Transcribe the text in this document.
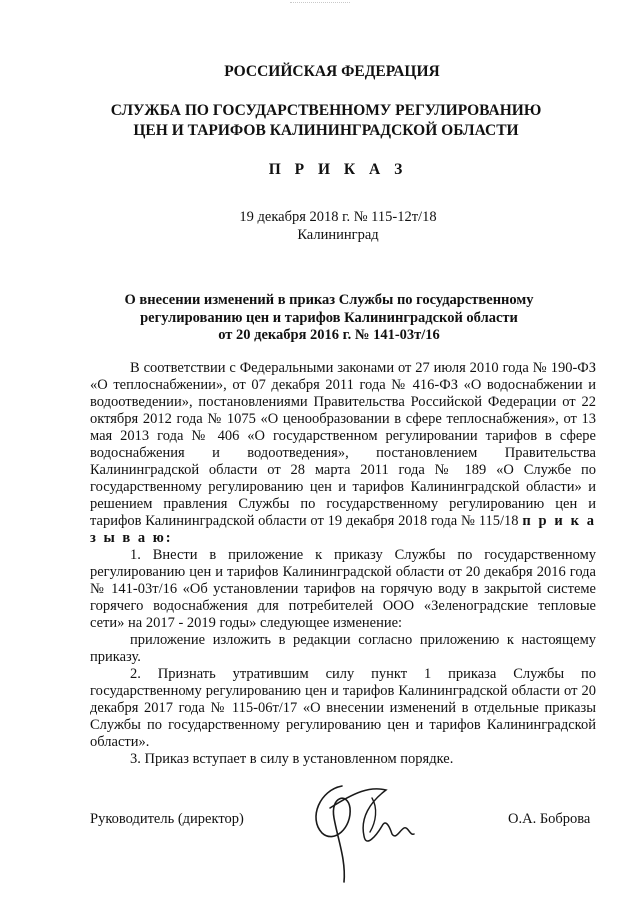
РОССИЙСКАЯ ФЕДЕРАЦИЯ
СЛУЖБА ПО ГОСУДАРСТВЕННОМУ РЕГУЛИРОВАНИЮ
ЦЕН И ТАРИФОВ КАЛИНИНГРАДСКОЙ ОБЛАСТИ
П Р И К А З
19 декабря 2018 г. № 115-12т/18
Калининград
О внесении изменений в приказ Службы по государственному
регулированию цен и тарифов Калининградской области
от 20 декабря 2016 г. № 141-03т/16

В соответствии с Федеральными законами от 27 июля 2010 года № 190-ФЗ «О теплоснабжении», от 07 декабря 2011 года № 416-ФЗ «О водоснабжении и водоотведении», постановлениями Правительства Российской Федерации от 22 октября 2012 года № 1075 «О ценообразовании в сфере теплоснабжения», от 13 мая 2013 года № 406 «О государственном регулировании тарифов в сфере водоснабжения и водоотведения», постановлением Правительства Калининградской области от 28 марта 2011 года № 189 «О Службе по государственному регулированию цен и тарифов Калининградской области» и решением правления Службы по государственному регулированию цен и тарифов Калининградской области от 19 декабря 2018 года № 115/18 п р и к а з ы в а ю:

1. Внести в приложение к приказу Службы по государственному регулированию цен и тарифов Калининградской области от 20 декабря 2016 года № 141-03т/16 «Об установлении тарифов на горячую воду в закрытой системе горячего водоснабжения для потребителей ООО «Зеленоградские тепловые сети» на 2017 - 2019 годы» следующее изменение:

приложение изложить в редакции согласно приложению к настоящему приказу.

2. Признать утратившим силу пункт 1 приказа Службы по государственному регулированию цен и тарифов Калининградской области от 20 декабря 2017 года № 115-06т/17 «О внесении изменений в отдельные приказы Службы по государственному регулированию цен и тарифов Калининградской области».

3. Приказ вступает в силу в установленном порядке.

Руководитель (директор)	О.А. Боброва
